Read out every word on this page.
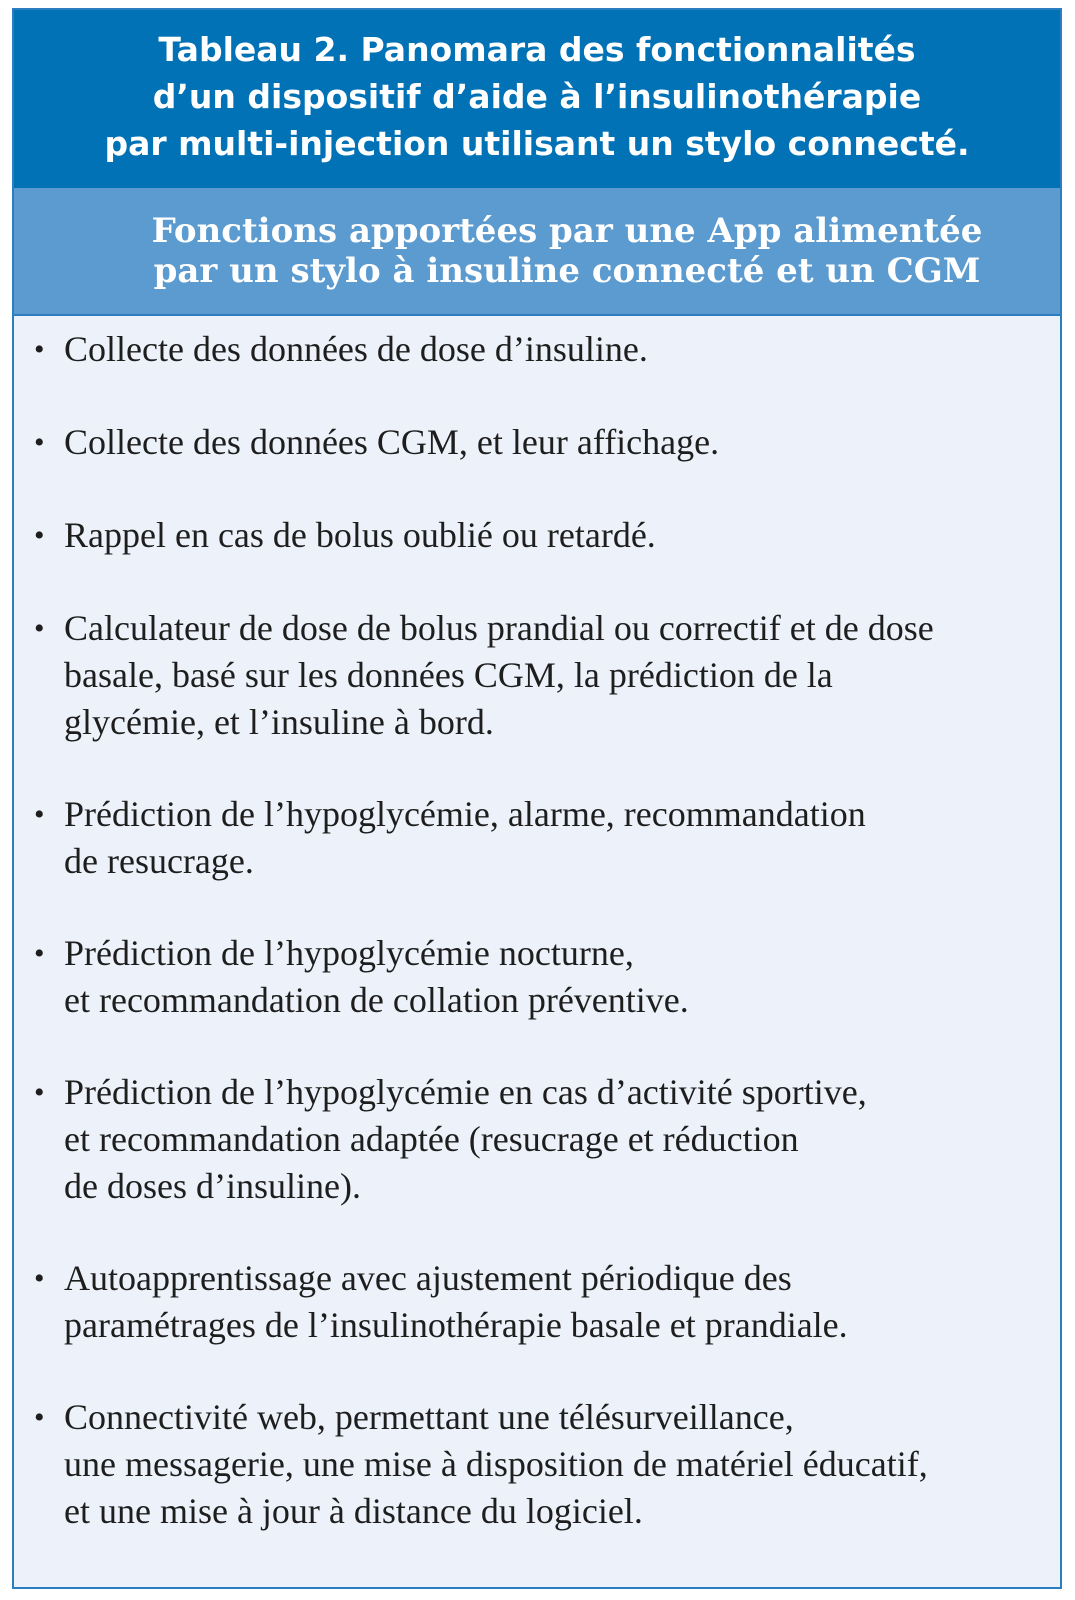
Tableau 2. Panomara des fonctionnalités
d’un dispositif d’aide à l’insulinothérapie
par multi-injection utilisant un stylo connecté.
Fonctions apportées par une App alimentée
par un stylo à insuline connecté et un CGM
• Collecte des données de dose d’insuline.
• Collecte des données CGM, et leur affichage.
• Rappel en cas de bolus oublié ou retardé.
• Calculateur de dose de bolus prandial ou correctif et de dose
basale, basé sur les données CGM, la prédiction de la
glycémie, et l’insuline à bord.
• Prédiction de l’hypoglycémie, alarme, recommandation
de resucrage.
• Prédiction de l’hypoglycémie nocturne,
et recommandation de collation préventive.
• Prédiction de l’hypoglycémie en cas d’activité sportive,
et recommandation adaptée (resucrage et réduction
de doses d’insuline).
• Autoapprentissage avec ajustement périodique des
paramétrages de l’insulinothérapie basale et prandiale.
• Connectivité web, permettant une télésurveillance,
une messagerie, une mise à disposition de matériel éducatif,
et une mise à jour à distance du logiciel.
